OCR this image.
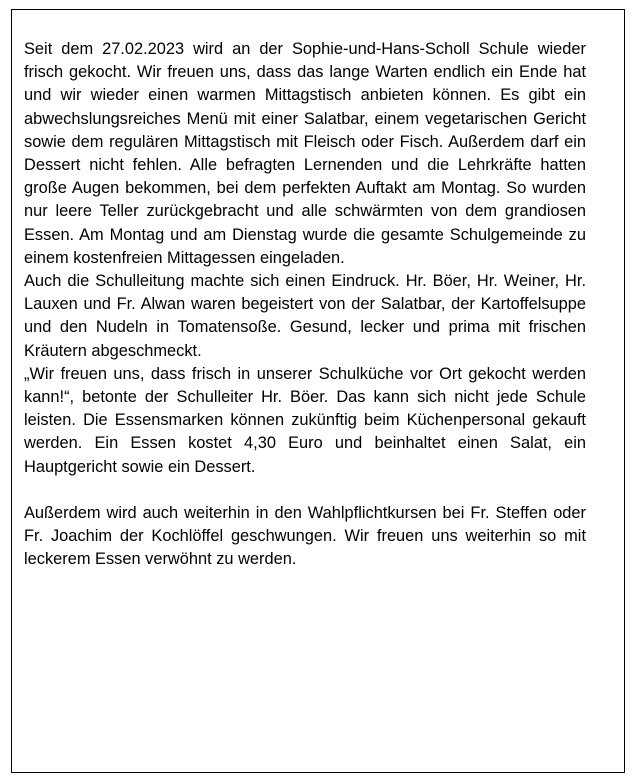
Seit dem 27.02.2023 wird an der Sophie-und-Hans-Scholl Schule wieder frisch gekocht. Wir freuen uns, dass das lange Warten endlich ein Ende hat und wir wieder einen warmen Mittagstisch anbieten können. Es gibt ein abwechslungsreiches Menü mit einer Salatbar, einem vegetarischen Gericht sowie dem regulären Mittagstisch mit Fleisch oder Fisch. Außerdem darf ein Dessert nicht fehlen. Alle befragten Lernenden und die Lehrkräfte hatten große Augen bekommen, bei dem perfekten Auftakt am Montag. So wurden nur leere Teller zurückgebracht und alle schwärmten von dem grandiosen Essen. Am Montag und am Dienstag wurde die gesamte Schulgemeinde zu einem kostenfreien Mittagessen eingeladen.

Auch die Schulleitung machte sich einen Eindruck. Hr. Böer, Hr. Weiner, Hr. Lauxen und Fr. Alwan waren begeistert von der Salatbar, der Kartoffelsuppe und den Nudeln in Tomatensoße. Gesund, lecker und prima mit frischen Kräutern abgeschmeckt.

„Wir freuen uns, dass frisch in unserer Schulküche vor Ort gekocht werden kann!“, betonte der Schulleiter Hr. Böer. Das kann sich nicht jede Schule leisten. Die Essensmarken können zukünftig beim Küchenpersonal gekauft werden. Ein Essen kostet 4,30 Euro und beinhaltet einen Salat, ein Hauptgericht sowie ein Dessert.

Außerdem wird auch weiterhin in den Wahlpflichtkursen bei Fr. Steffen oder Fr. Joachim der Kochlöffel geschwungen. Wir freuen uns weiterhin so mit leckerem Essen verwöhnt zu werden.
